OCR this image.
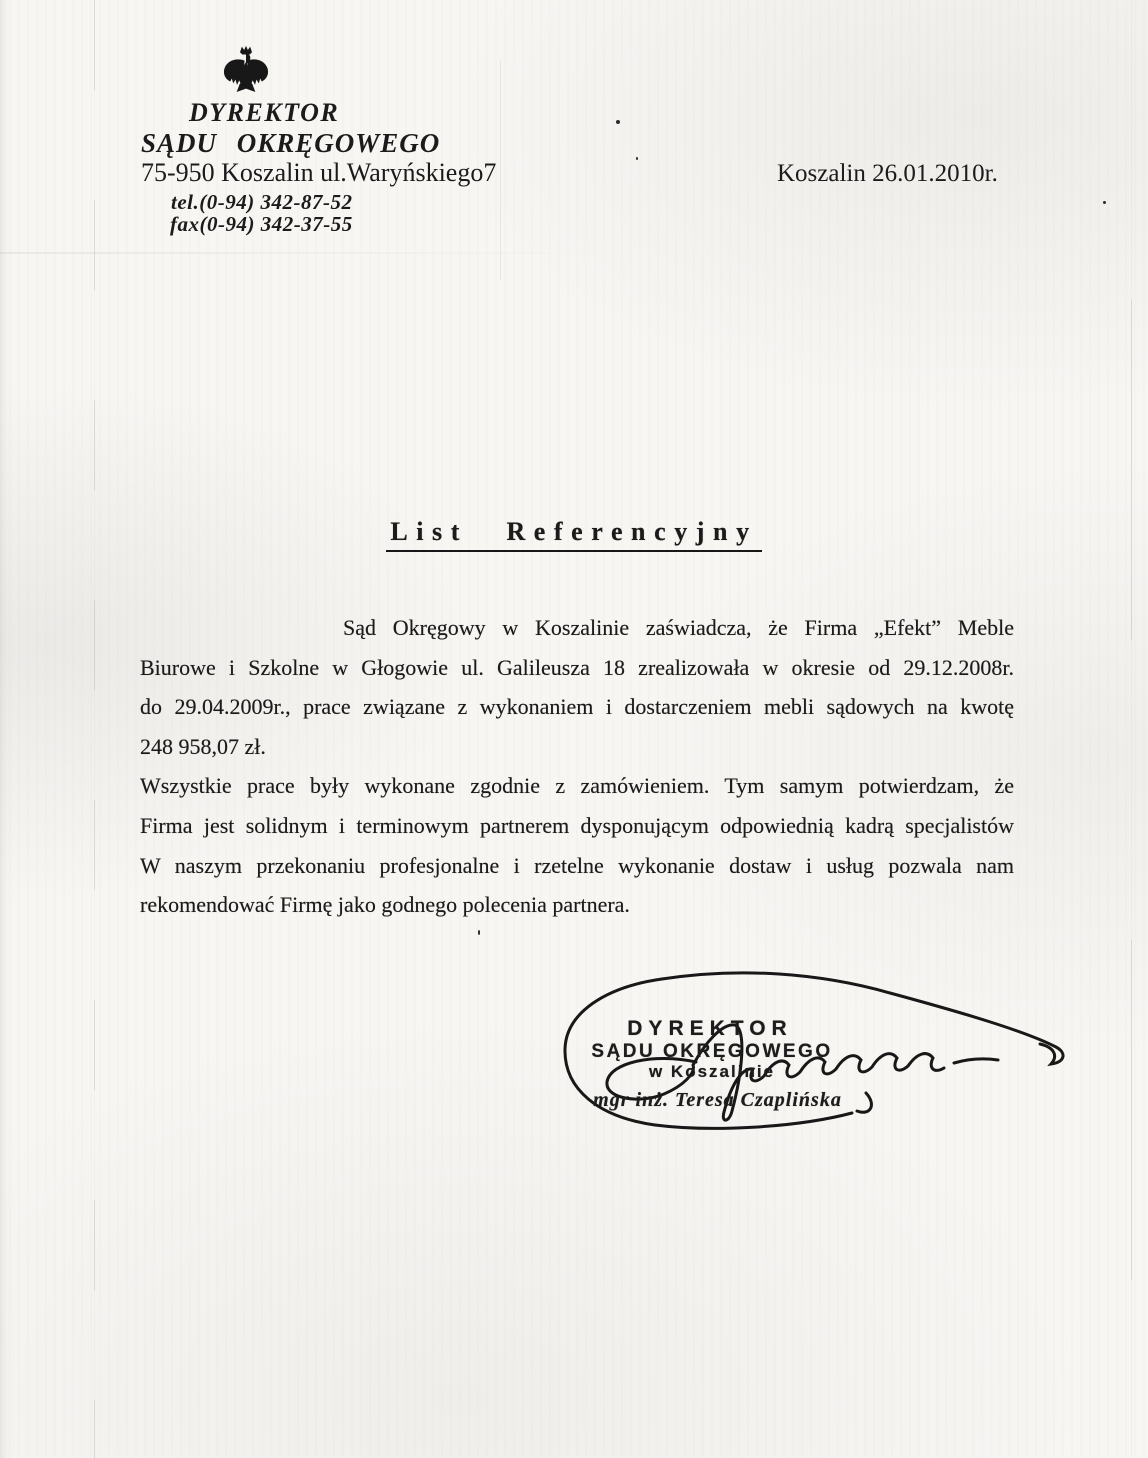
DYREKTOR
SĄDU OKRĘGOWEGO
75-950 Koszalin ul.Waryńskiego7
tel.(0-94) 342-87-52
fax(0-94) 342-37-55
Koszalin 26.01.2010r.
List Referencyjny
Sąd Okręgowy w Koszalinie zaświadcza, że Firma „Efekt” Meble
Biurowe i Szkolne w Głogowie ul. Galileusza 18 zrealizowała w okresie od 29.12.2008r.
do 29.04.2009r., prace związane z wykonaniem i dostarczeniem mebli sądowych na kwotę
248 958,07 zł.
Wszystkie prace były wykonane zgodnie z zamówieniem. Tym samym potwierdzam, że
Firma jest solidnym i terminowym partnerem dysponującym odpowiednią kadrą specjalistów
W naszym przekonaniu profesjonalne i rzetelne wykonanie dostaw i usług pozwala nam
rekomendować Firmę jako godnego polecenia partnera.
DYREKTOR
SĄDU OKRĘGOWEGO
w Koszalinie
mgr inż. Teresa Czaplińska
